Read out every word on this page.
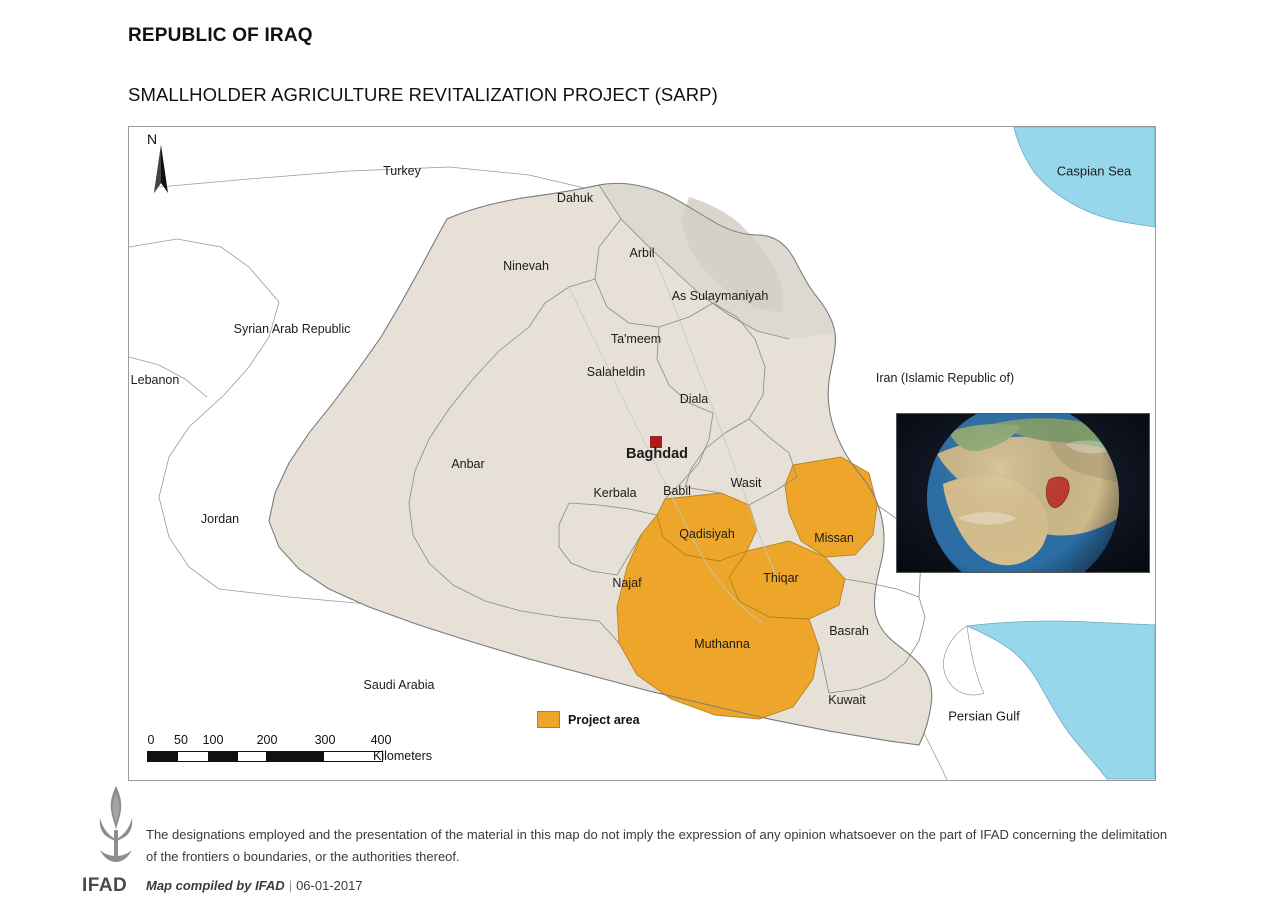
REPUBLIC OF IRAQ
SMALLHOLDER AGRICULTURE REVITALIZATION PROJECT (SARP)
N
Caspian Sea
Persian Gulf
Turkey
Syrian Arab Republic
Lebanon
Jordan
Saudi Arabia
Kuwait
Iran (Islamic Republic of)
Dahuk
Ninevah
Arbil
As Sulaymaniyah
Ta'meem
Salaheldin
Diala
Anbar
Kerbala Babil
Wasit
Najaf
Qadisiyah	Missan
Thiqar
Muthanna
Basrah
Baghdad
Project area
0 50 100	200	300	400
Kilometers
IFAD
The designations employed and the presentation of the material in this map do not imply the expression of any opinion whatsoever on the part of IFAD concerning the delimitation of the frontiers o boundaries, or the authorities thereof.
Map compiled by IFAD | 06-01-2017
